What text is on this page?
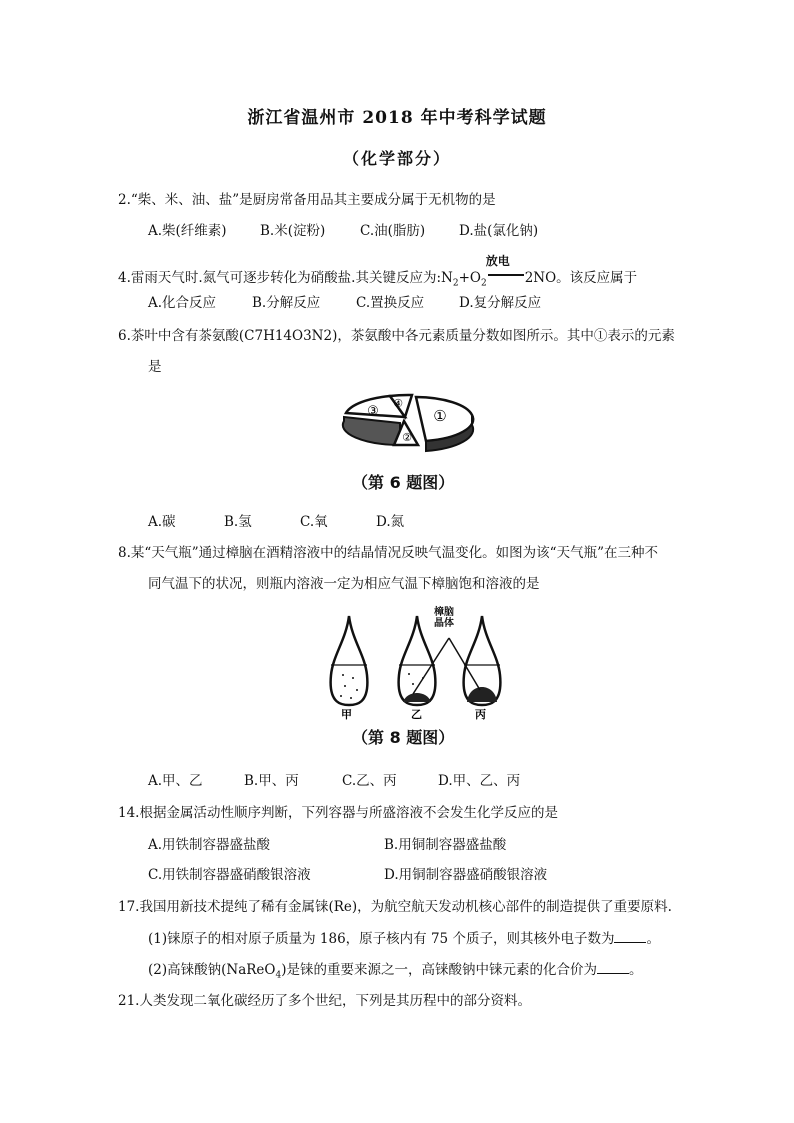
浙江省温州市 2018 年中考科学试题
（化学部分）
2.“柴、米、油、盐”是厨房常备用品其主要成分属于无机物的是
A.柴(纤维素) B.米(淀粉)	C.油(脂肪)	D.盐(氯化钠)
4.雷雨天气时.氮气可逐步转化为硝酸盐.其关键反应为$:N_2+O_2$
放电
2NO。该反应属于
A.化合反应	B.分解反应	C.置换反应	D.复分解反应
6.茶叶中含有茶氨酸(C7H14O3N2)，茶氨酸中各元素质量分数如图所示。其中①表示的元素
是
①
②
③
④
（第 6 题图）
A.碳	B.氢	C.氧	D.氮
8.某“天气瓶”通过樟脑在酒精溶液中的结晶情况反映气温变化。如图为该“天气瓶”在三种不
同气温下的状况，则瓶内溶液一定为相应气温下樟脑饱和溶液的是
甲	乙	丙
樟脑晶体
（第 8 题图）
A.甲、乙	B.甲、丙	C.乙、丙	D.甲、乙、丙
14.根据金属活动性顺序判断，下列容器与所盛溶液不会发生化学反应的是
A.用铁制容器盛盐酸	B.用铜制容器盛盐酸
C.用铁制容器盛硝酸银溶液	D.用铜制容器盛硝酸银溶液
17.我国用新技术提纯了稀有金属铼(Re)，为航空航天发动机核心部件的制造提供了重要原料.
(1)铼原子的相对原子质量为 186，原子核内有 75 个质子，则其核外电子数为 。
(2)高铼酸钠(NaReO$_4$)是铼的重要来源之一，高铼酸钠中铼元素的化合价为 。
21.人类发现二氧化碳经历了多个世纪，下列是其历程中的部分资料。
